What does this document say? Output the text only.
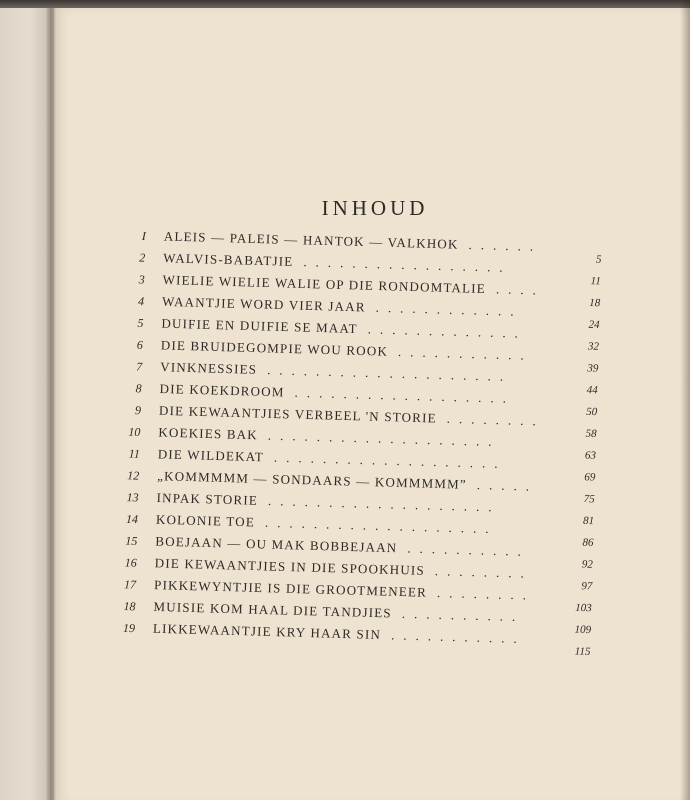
INHOUD
I ALEIS — PALEIS — HANTOK — VALKHOK
5
......
2 WALVIS-BABATJIE
11
.................
3 WIELIE WIELIE WALIE OP DIE RONDOMTALIE
18
....
4 WAANTJIE WORD VIER JAAR
24
............
5 DUIFIE EN DUIFIE SE MAAT
32
.............
6 DIE BRUIDEGOMPIE WOU ROOK
39
...........
7 VINKNESSIES
44
....................
8 DIE KOEKDROOM
50
..................
9 DIE KEWAANTJIES VERBEEL 'N STORIE
58
........
10 KOEKIES BAK
63
...................
11 DIE WILDEKAT
69
...................
12 „KOMMMMM — SONDAARS — KOMMMMM”
75
.....
13 INPAK STORIE
81
...................
14 KOLONIE TOE
86
...................
15 BOEJAAN — OU MAK BOBBEJAAN
92
..........
16 DIE KEWAANTJIES IN DIE SPOOKHUIS
97
........
17 PIKKEWYNTJIE IS DIE GROOTMENEER
103
........
18 MUISIE KOM HAAL DIE TANDJIES
109
..........
19 LIKKEWAANTJIE KRY HAAR SIN
115
...........
